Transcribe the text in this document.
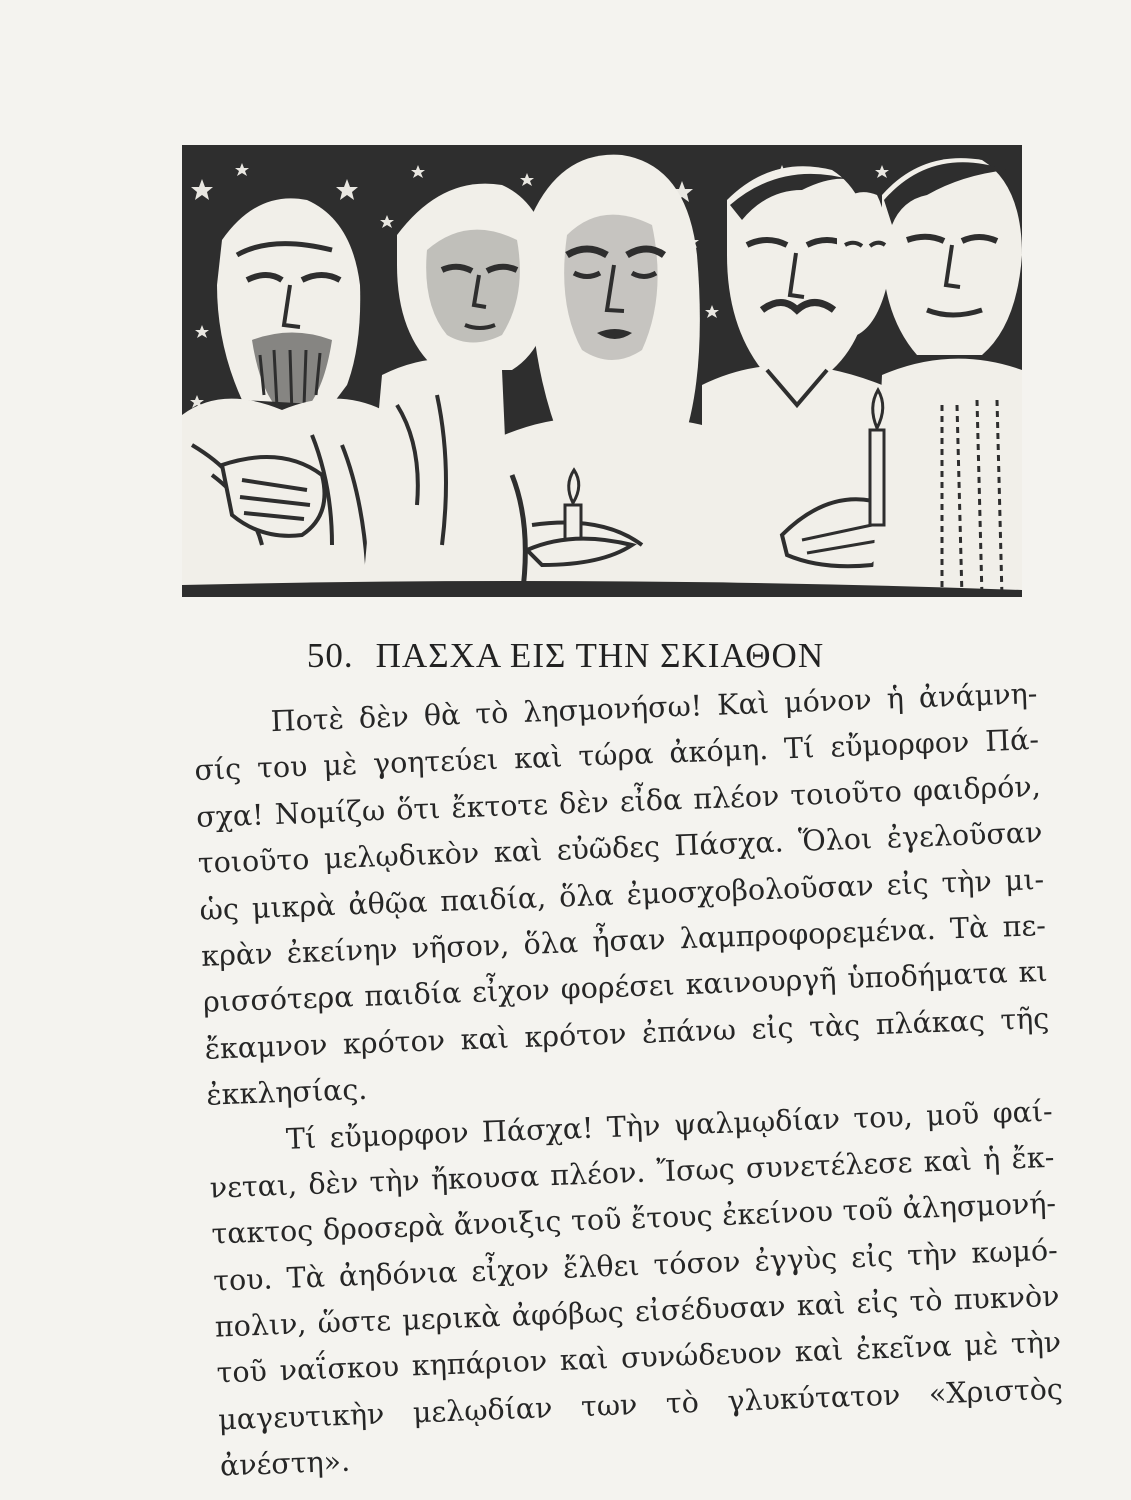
50. ΠΑΣΧΑ ΕΙΣ ΤΗΝ ΣΚΙΑΘΟΝ
Ποτὲ δὲν θὰ τὸ λησμονήσω! Καὶ μόνον ἡ ἀνάμνη-
σίς του μὲ γοητεύει καὶ τώρα ἀκόμη. Τί εὔμορφον Πά-
σχα! Νομίζω ὅτι ἔκτοτε δὲν εἶδα πλέον τοιοῦτο φαιδρόν,
τοιοῦτο μελῳδικὸν καὶ εὐῶδες Πάσχα. Ὅλοι ἐγελοῦσαν
ὡς μικρὰ ἀθῷα παιδία, ὅλα ἐμοσχοβολοῦσαν εἰς τὴν μι-
κρὰν ἐκείνην νῆσον, ὅλα ἦσαν λαμπροφορεμένα. Τὰ πε-
ρισσότερα παιδία εἶχον φορέσει καινουργῆ ὑποδήματα κι
ἔκαμνον κρότον καὶ κρότον ἐπάνω εἰς τὰς πλάκας τῆς
ἐκκλησίας.
Τί εὔμορφον Πάσχα! Τὴν ψαλμῳδίαν του, μοῦ φαί-
νεται, δὲν τὴν ἤκουσα πλέον. Ἴσως συνετέλεσε καὶ ἡ ἔκ-
τακτος δροσερὰ ἄνοιξις τοῦ ἔτους ἐκείνου τοῦ ἀλησμονή-
του. Τὰ ἀηδόνια εἶχον ἔλθει τόσον ἐγγὺς εἰς τὴν κωμό-
πολιν, ὥστε μερικὰ ἀφόβως εἰσέδυσαν καὶ εἰς τὸ πυκνὸν
τοῦ ναΐσκου κηπάριον καὶ συνώδευον καὶ ἐκεῖνα μὲ τὴν
μαγευτικὴν μελῳδίαν των τὸ γλυκύτατον «Χριστὸς
ἀνέστη».
